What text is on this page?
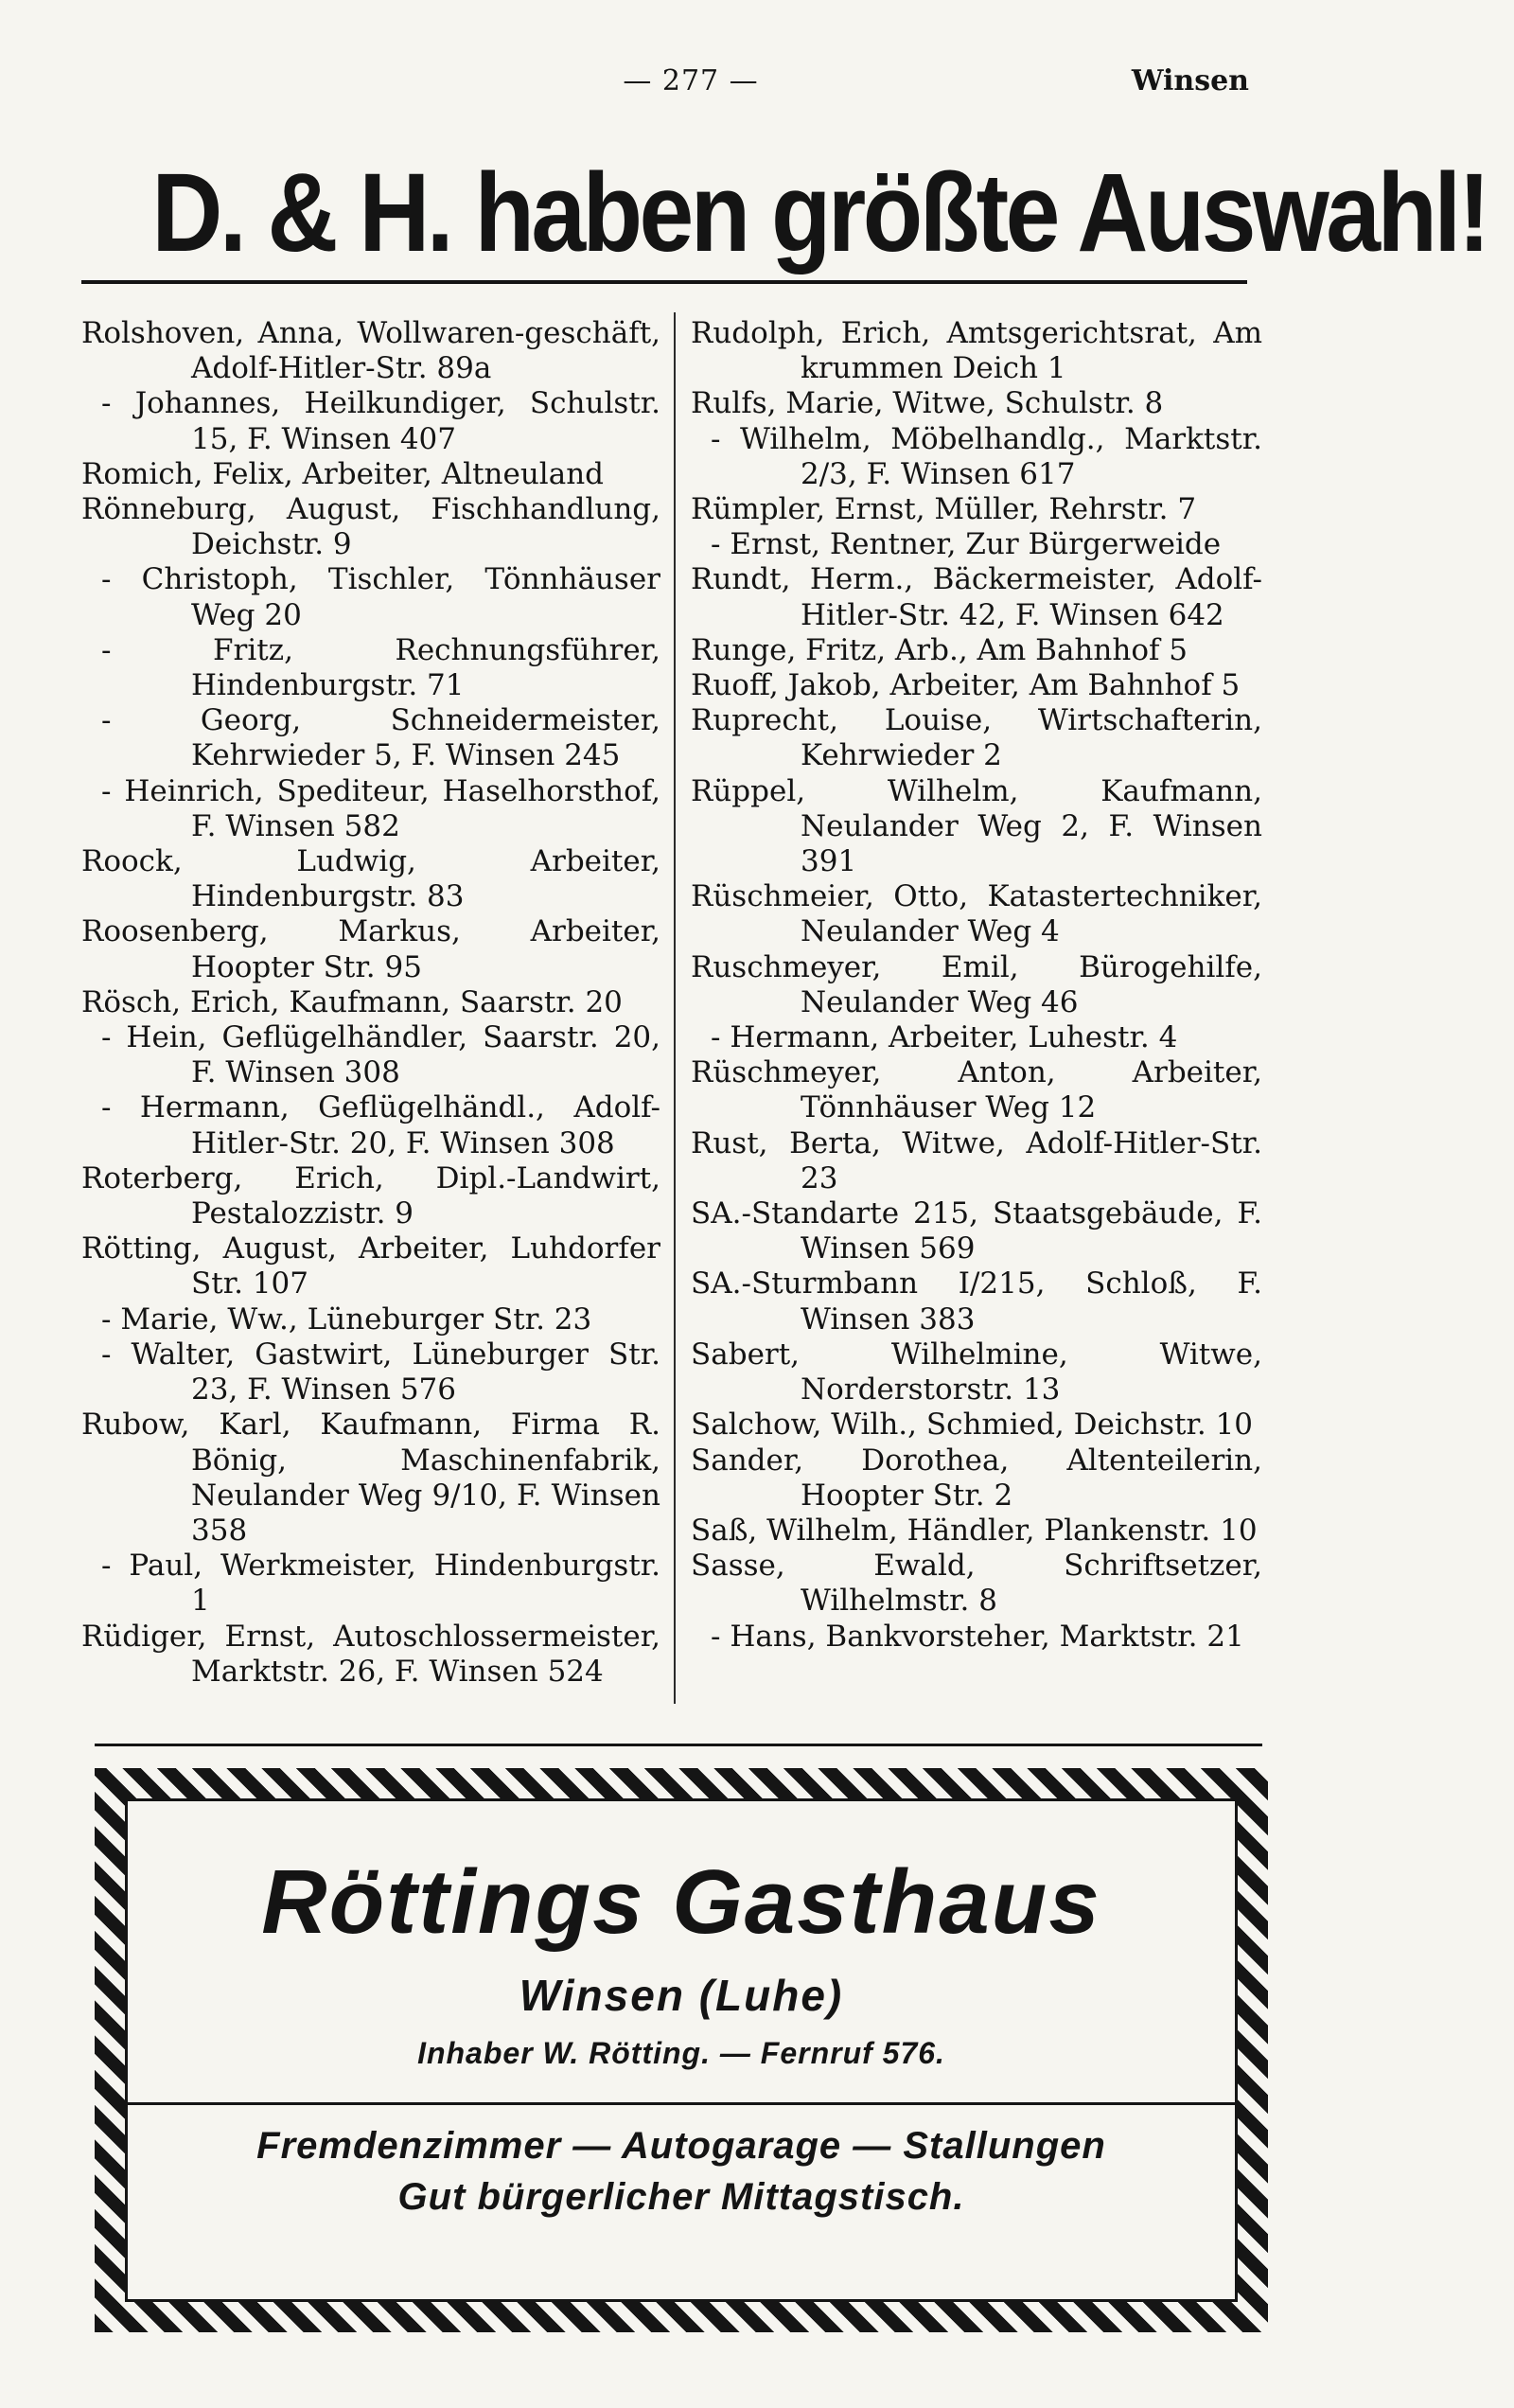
— 277 —	Winsen
D. & H. haben größte Auswahl!
Rolshoven, Anna, Wollwaren-geschäft, Adolf-Hitler-Str. 89a
- Johannes, Heilkundiger, Schulstr. 15, F. Winsen 407
Romich, Felix, Arbeiter, Altneuland
Rönneburg, August, Fischhandlung, Deichstr. 9
- Christoph, Tischler, Tönnhäuser Weg 20
- Fritz, Rechnungsführer, Hindenburgstr. 71
- Georg, Schneidermeister, Kehrwieder 5, F. Winsen 245
- Heinrich, Spediteur, Haselhorsthof, F. Winsen 582
Roock, Ludwig, Arbeiter, Hindenburgstr. 83
Roosenberg, Markus, Arbeiter, Hoopter Str. 95
Rösch, Erich, Kaufmann, Saarstr. 20
- Hein, Geflügelhändler, Saarstr. 20, F. Winsen 308
- Hermann, Geflügelhändl., Adolf-Hitler-Str. 20, F. Winsen 308
Roterberg, Erich, Dipl.-Landwirt, Pestalozzistr. 9
Rötting, August, Arbeiter, Luhdorfer Str. 107
- Marie, Ww., Lüneburger Str. 23
- Walter, Gastwirt, Lüneburger Str. 23, F. Winsen 576
Rubow, Karl, Kaufmann, Firma R. Bönig, Maschinenfabrik, Neulander Weg 9/10, F. Winsen 358
- Paul, Werkmeister, Hindenburgstr. 1
Rüdiger, Ernst, Autoschlossermeister, Marktstr. 26, F. Winsen 524
Rudolph, Erich, Amtsgerichtsrat, Am krummen Deich 1
Rulfs, Marie, Witwe, Schulstr. 8
- Wilhelm, Möbelhandlg., Marktstr. 2/3, F. Winsen 617
Rümpler, Ernst, Müller, Rehrstr. 7
- Ernst, Rentner, Zur Bürgerweide
Rundt, Herm., Bäckermeister, Adolf-Hitler-Str. 42, F. Winsen 642
Runge, Fritz, Arb., Am Bahnhof 5
Ruoff, Jakob, Arbeiter, Am Bahnhof 5
Ruprecht, Louise, Wirtschafterin, Kehrwieder 2
Rüppel, Wilhelm, Kaufmann, Neulander Weg 2, F. Winsen 391
Rüschmeier, Otto, Katastertechniker, Neulander Weg 4
Ruschmeyer, Emil, Bürogehilfe, Neulander Weg 46
- Hermann, Arbeiter, Luhestr. 4
Rüschmeyer, Anton, Arbeiter, Tönnhäuser Weg 12
Rust, Berta, Witwe, Adolf-Hitler-Str. 23
SA.-Standarte 215, Staatsgebäude, F. Winsen 569
SA.-Sturmbann I/215, Schloß, F. Winsen 383
Sabert, Wilhelmine, Witwe, Norderstorstr. 13
Salchow, Wilh., Schmied, Deichstr. 10
Sander, Dorothea, Altenteilerin, Hoopter Str. 2
Saß, Wilhelm, Händler, Plankenstr. 10
Sasse, Ewald, Schriftsetzer, Wilhelmstr. 8
- Hans, Bankvorsteher, Marktstr. 21
Röttings Gasthaus
Winsen (Luhe)
Inhaber W. Rötting. — Fernruf 576.
Fremdenzimmer — Autogarage — Stallungen
Gut bürgerlicher Mittagstisch.
